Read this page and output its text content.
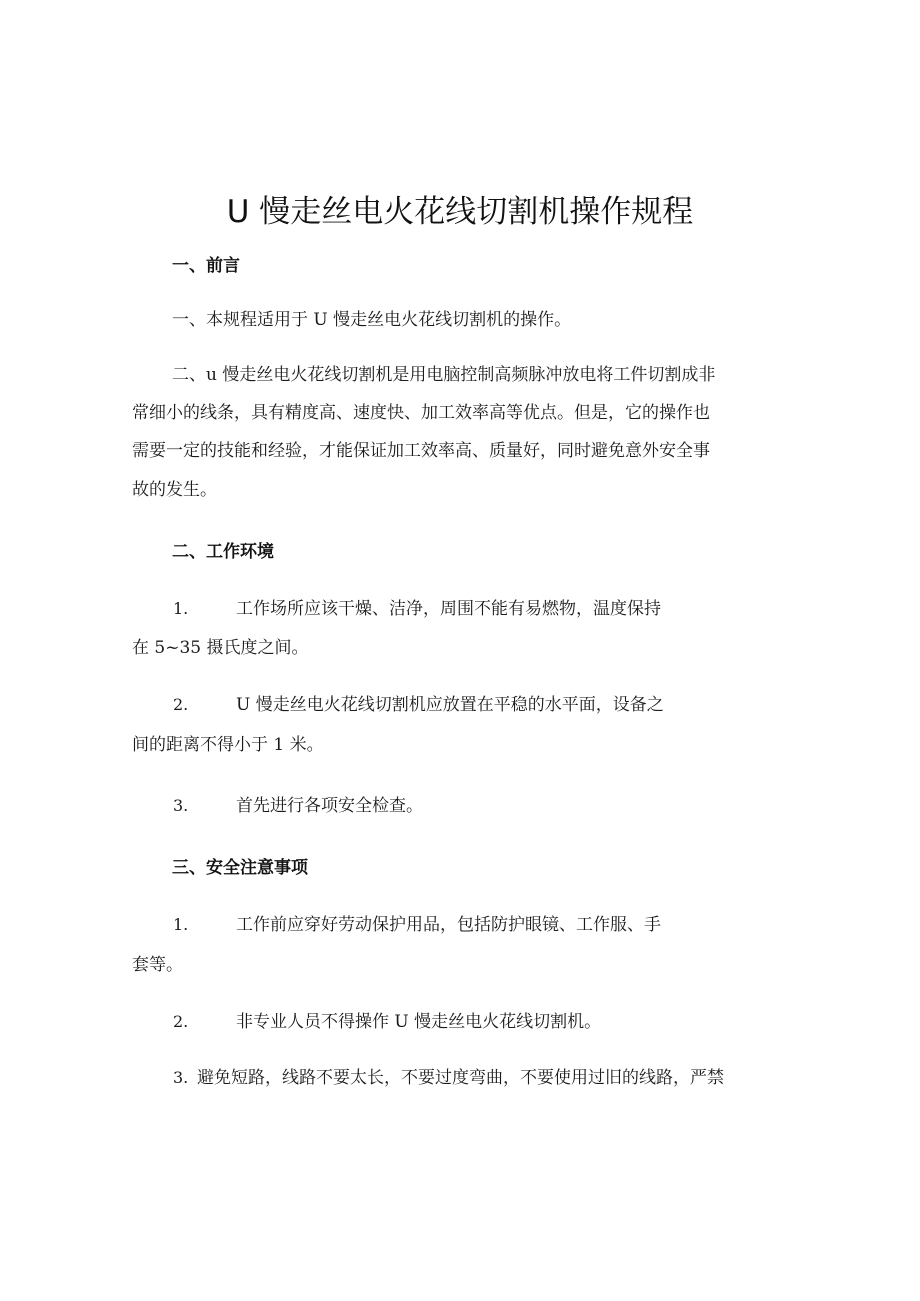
U 慢走丝电火花线切割机操作规程
一、前言
一、本规程适用于 U 慢走丝电火花线切割机的操作。
二、u 慢走丝电火花线切割机是用电脑控制高频脉冲放电将工件切割成非
常细小的线条，具有精度高、速度快、加工效率高等优点。但是，它的操作也
需要一定的技能和经验，才能保证加工效率高、质量好，同时避免意外安全事
故的发生。
二、工作环境
1.	工作场所应该干燥、洁净，周围不能有易燃物，温度保持
在 5~35 摄氏度之间。
2.	U 慢走丝电火花线切割机应放置在平稳的水平面，设备之
间的距离不得小于 1 米。
3.	首先进行各项安全检查。
三、安全注意事项
1.	工作前应穿好劳动保护用品，包括防护眼镜、工作服、手
套等。
2.	非专业人员不得操作 U 慢走丝电火花线切割机。
3. 避免短路，线路不要太长，不要过度弯曲，不要使用过旧的线路，严禁
